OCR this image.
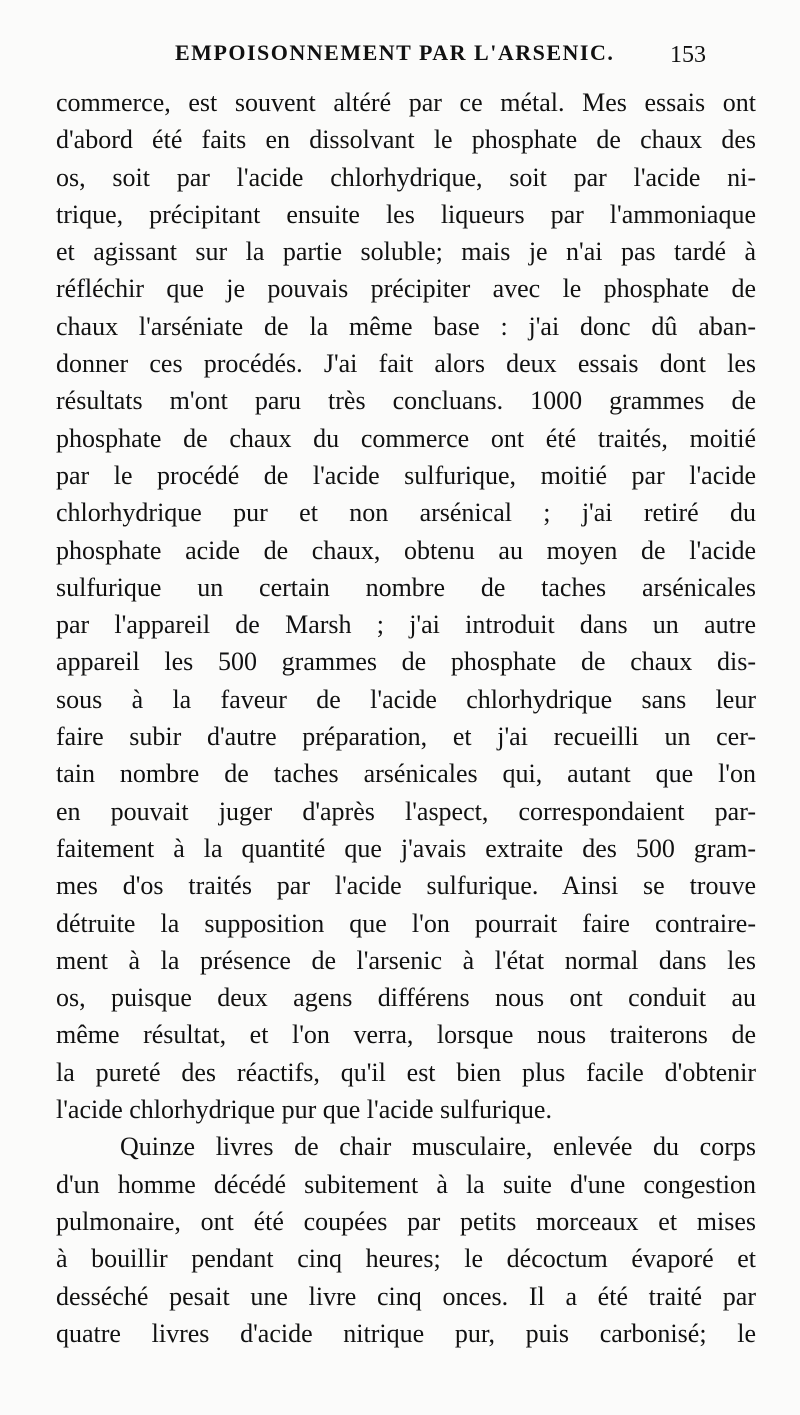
EMPOISONNEMENT PAR L'ARSENIC. 153
commerce, est souvent altéré par ce métal. Mes essais ont
d'abord été faits en dissolvant le phosphate de chaux des
os, soit par l'acide chlorhydrique, soit par l'acide ni-
trique, précipitant ensuite les liqueurs par l'ammoniaque
et agissant sur la partie soluble; mais je n'ai pas tardé à
réfléchir que je pouvais précipiter avec le phosphate de
chaux l'arséniate de la même base : j'ai donc dû aban-
donner ces procédés. J'ai fait alors deux essais dont les
résultats m'ont paru très concluans. 1000 grammes de
phosphate de chaux du commerce ont été traités, moitié
par le procédé de l'acide sulfurique, moitié par l'acide
chlorhydrique pur et non arsénical ; j'ai retiré du
phosphate acide de chaux, obtenu au moyen de l'acide
sulfurique un certain nombre de taches arsénicales
par l'appareil de Marsh ; j'ai introduit dans un autre
appareil les 500 grammes de phosphate de chaux dis-
sous à la faveur de l'acide chlorhydrique sans leur
faire subir d'autre préparation, et j'ai recueilli un cer-
tain nombre de taches arsénicales qui, autant que l'on
en pouvait juger d'après l'aspect, correspondaient par-
faitement à la quantité que j'avais extraite des 500 gram-
mes d'os traités par l'acide sulfurique. Ainsi se trouve
détruite la supposition que l'on pourrait faire contraire-
ment à la présence de l'arsenic à l'état normal dans les
os, puisque deux agens différens nous ont conduit au
même résultat, et l'on verra, lorsque nous traiterons de
la pureté des réactifs, qu'il est bien plus facile d'obtenir
l'acide chlorhydrique pur que l'acide sulfurique.
Quinze livres de chair musculaire, enlevée du corps
d'un homme décédé subitement à la suite d'une congestion
pulmonaire, ont été coupées par petits morceaux et mises
à bouillir pendant cinq heures; le décoctum évaporé et
desséché pesait une livre cinq onces. Il a été traité par
quatre livres d'acide nitrique pur, puis carbonisé; le
